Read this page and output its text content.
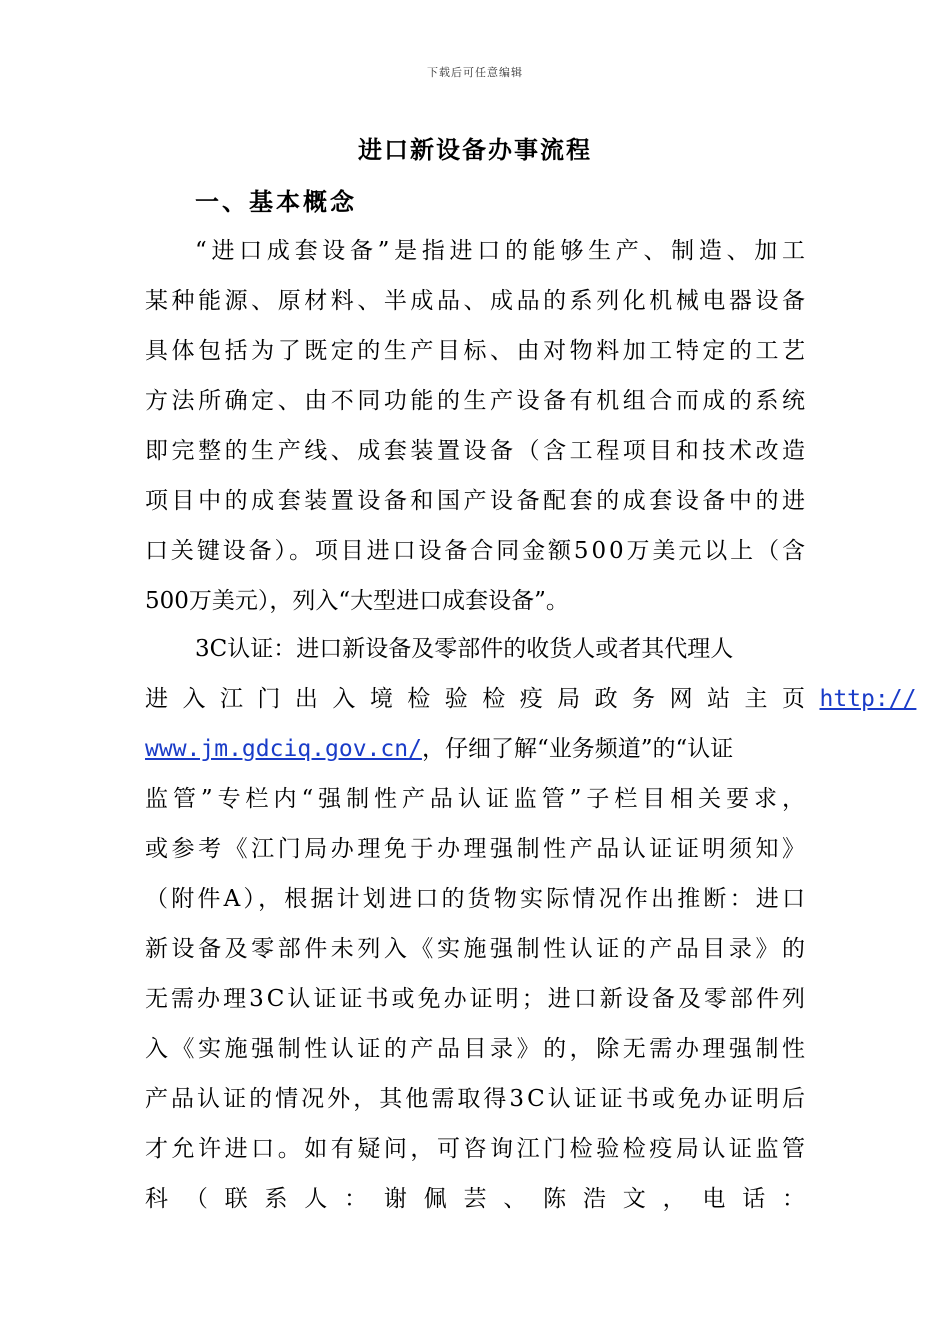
下载后可任意编辑
进口新设备办事流程
一、基本概念
“进口成套设备”是指进口的能够生产、制造、加工
某种能源、原材料、半成品、成品的系列化机械电器设备
具体包括为了既定的生产目标、由对物料加工特定的工艺
方法所确定、由不同功能的生产设备有机组合而成的系统
即完整的生产线、成套装置设备（含工程项目和技术改造
项目中的成套装置设备和国产设备配套的成套设备中的进
口关键设备）。项目进口设备合同金额500万美元以上（含
500万美元），列入“大型进口成套设备”。
3C认证：进口新设备及零部件的收货人或者其代理人
进入江门出入境检验检疫局政务网站主页 http://
www.jm.gdciq.gov.cn/ ，仔细了解“业务频道”的“认证
监管”专栏内“强制性产品认证监管”子栏目相关要求，
或参考《江门局办理免于办理强制性产品认证证明须知》
（附件A），根据计划进口的货物实际情况作出推断：进口
新设备及零部件未列入《实施强制性认证的产品目录》的
无需办理3C认证证书或免办证明；进口新设备及零部件列
入《实施强制性认证的产品目录》的，除无需办理强制性
产品认证的情况外，其他需取得3C认证证书或免办证明后
才允许进口。如有疑问，可咨询江门检验检疫局认证监管
科（联系人：谢佩芸、陈浩文，电话：
